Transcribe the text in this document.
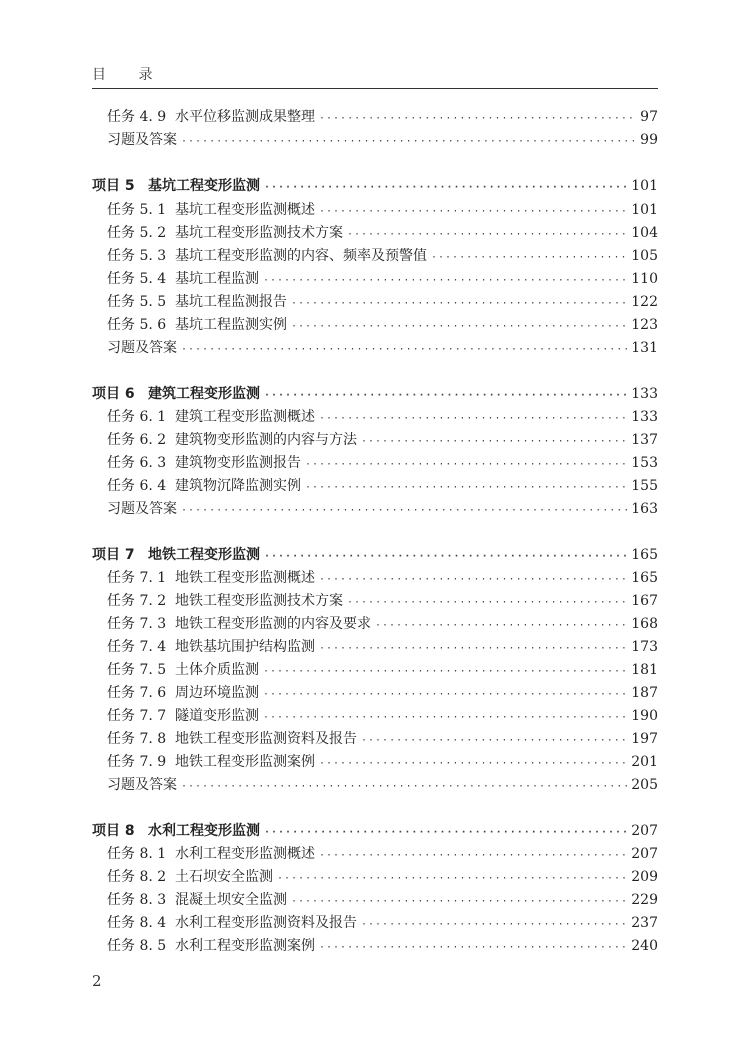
目 录
任务 4. 9 水平位移监测成果整理 ·····	97
习题及答案 ·····	99
项目 5 基坑工程变形监测 ·····	101
任务 5. 1 基坑工程变形监测概述 ·····	101
任务 5. 2 基坑工程变形监测技术方案 ·····	104
任务 5. 3 基坑工程变形监测的内容、频率及预警值 ·····	105
任务 5. 4 基坑工程监测 ·····	110
任务 5. 5 基坑工程监测报告 ·····	122
任务 5. 6 基坑工程监测实例 ·····	123
习题及答案 ·····	131
项目 6 建筑工程变形监测 ·····	133
任务 6. 1 建筑工程变形监测概述 ·····	133
任务 6. 2 建筑物变形监测的内容与方法 ·····	137
任务 6. 3 建筑物变形监测报告 ·····	153
任务 6. 4 建筑物沉降监测实例 ·····	155
习题及答案 ·····	163
项目 7 地铁工程变形监测 ·····	165
任务 7. 1 地铁工程变形监测概述 ·····	165
任务 7. 2 地铁工程变形监测技术方案 ·····	167
任务 7. 3 地铁工程变形监测的内容及要求 ·····	168
任务 7. 4 地铁基坑围护结构监测 ·····	173
任务 7. 5 土体介质监测 ·····	181
任务 7. 6 周边环境监测 ·····	187
任务 7. 7 隧道变形监测 ·····	190
任务 7. 8 地铁工程变形监测资料及报告 ·····	197
任务 7. 9 地铁工程变形监测案例 ·····	201
习题及答案 ·····	205
项目 8 水利工程变形监测 ·····	207
任务 8. 1 水利工程变形监测概述 ·····	207
任务 8. 2 土石坝安全监测 ·····	209
任务 8. 3 混凝土坝安全监测 ·····	229
任务 8. 4 水利工程变形监测资料及报告 ·····	237
任务 8. 5 水利工程变形监测案例 ·····	240
2
